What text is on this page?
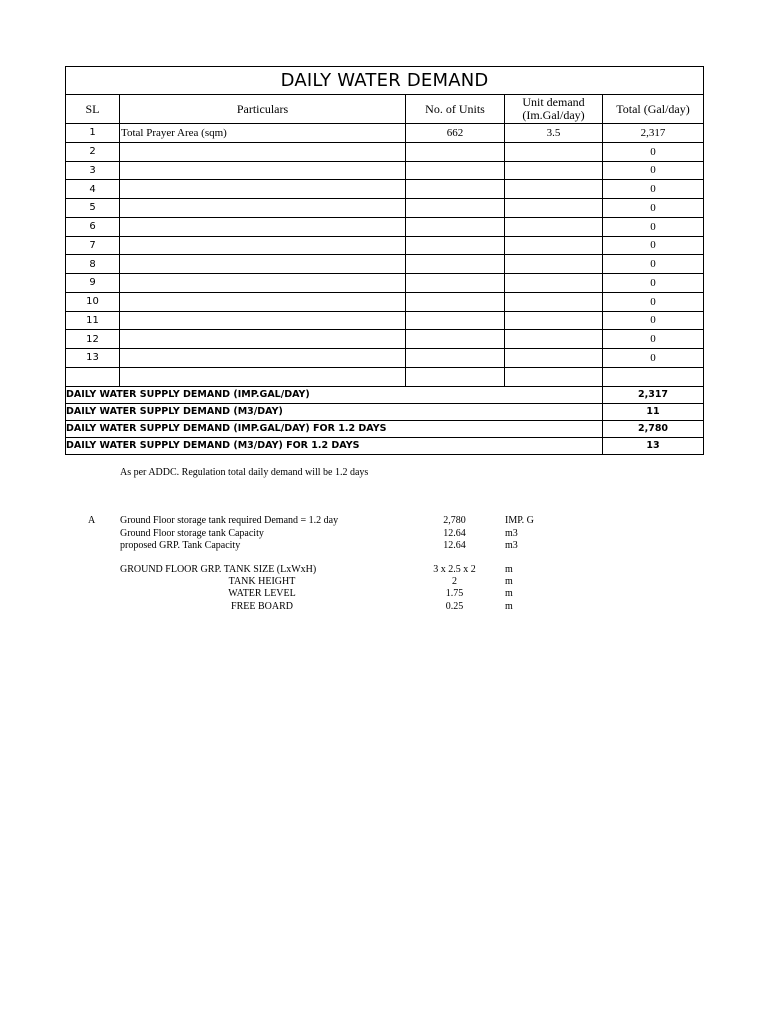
DAILY WATER DEMAND				
SL	Particulars	No. of Units	Unit demand (Im.Gal/day)	Total (Gal/day)
1	Total Prayer Area (sqm)	662	3.5	2,317
2				0
3				0
4				0
5				0
6				0
7				0
8				0
9				0
10				0
11				0
12				0
13				0

DAILY WATER SUPPLY DEMAND (IMP.GAL/DAY)				2,317
DAILY WATER SUPPLY DEMAND (M3/DAY)				11
DAILY WATER SUPPLY DEMAND (IMP.GAL/DAY) FOR 1.2 DAYS				2,780
DAILY WATER SUPPLY DEMAND (M3/DAY) FOR 1.2 DAYS				13
As per ADDC. Regulation total daily demand will be 1.2 days
A Ground Floor storage tank required Demand = 1.2 day	2,780	IMP. G
Ground Floor storage tank Capacity	12.64	m3
proposed GRP. Tank Capacity	12.64	m3
GROUND FLOOR GRP. TANK SIZE (LxWxH)	3 x 2.5 x 2	m
TANK HEIGHT	2	m
WATER LEVEL	1.75	m
FREE BOARD	0.25	m
